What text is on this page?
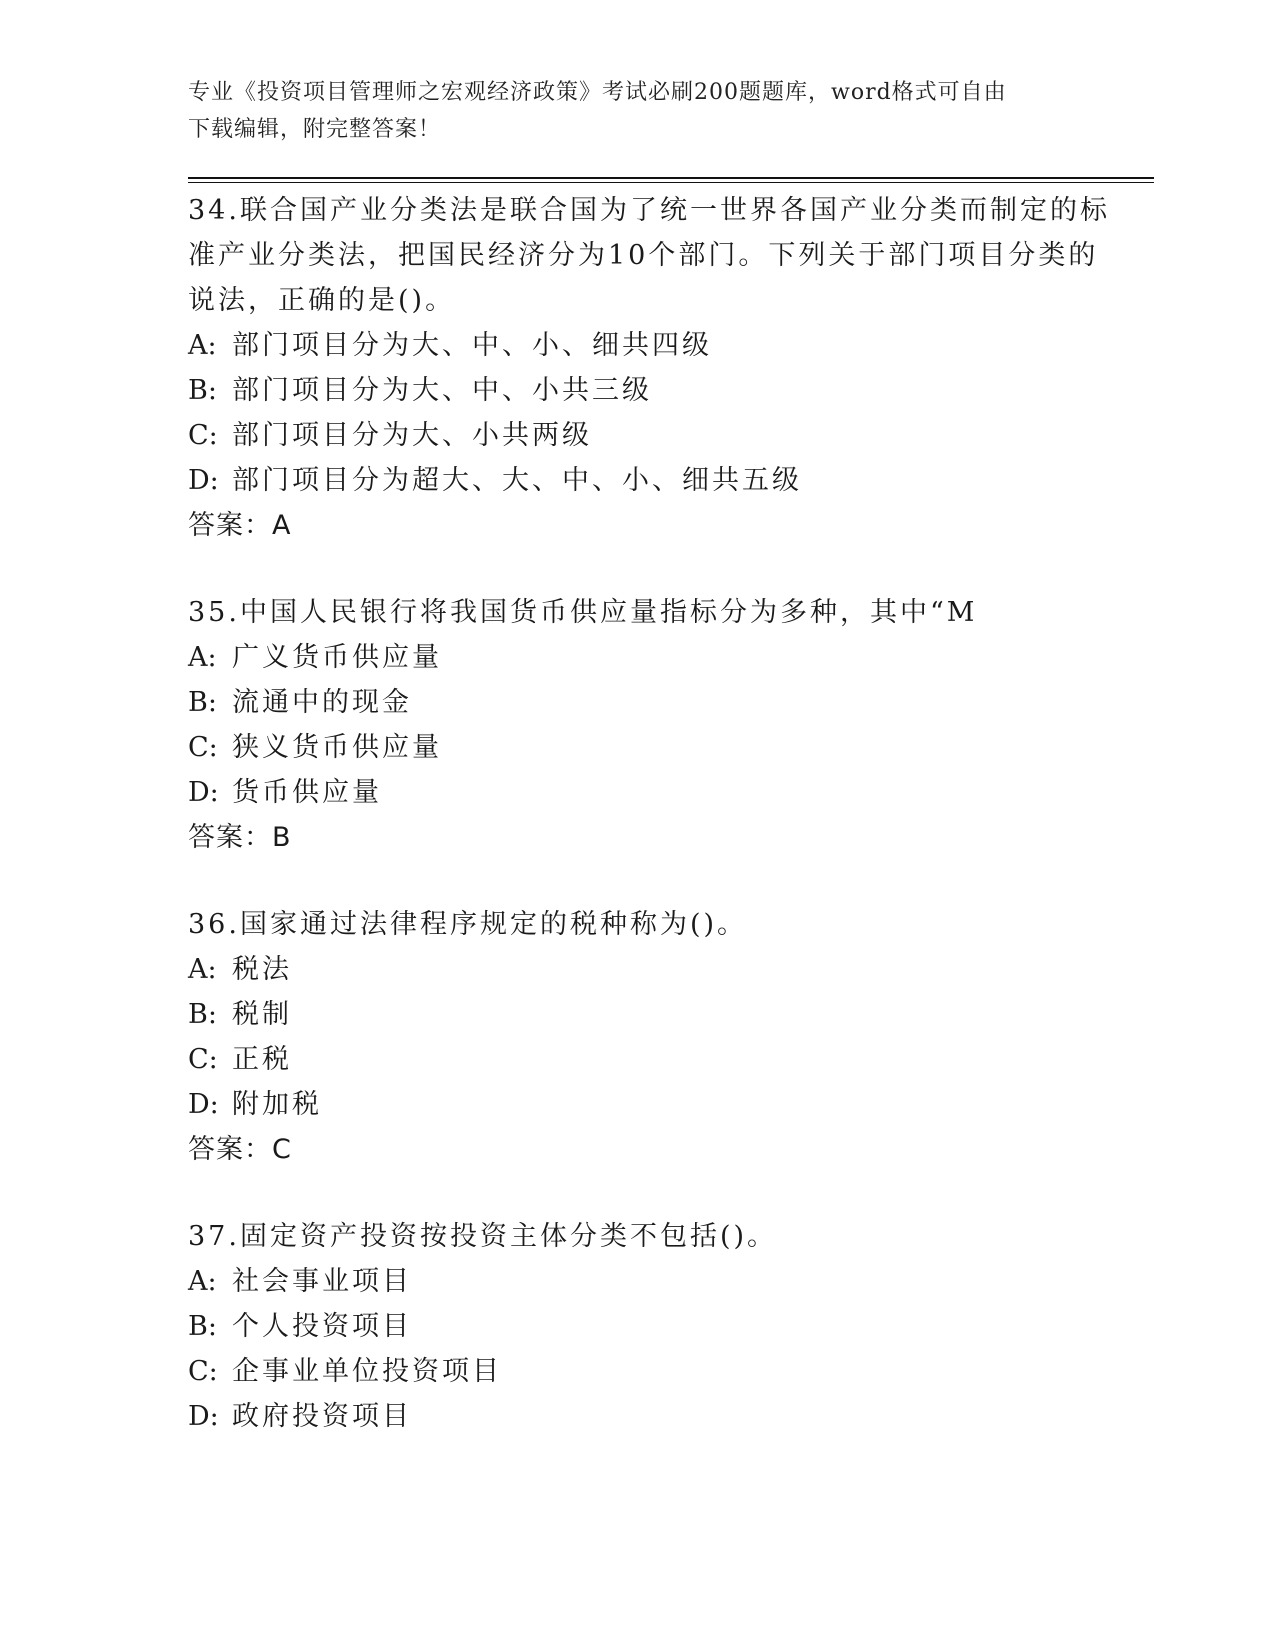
专业《投资项目管理师之宏观经济政策》考试必刷200题题库，word格式可自由
下载编辑，附完整答案！
34.联合国产业分类法是联合国为了统一世界各国产业分类而制定的标
准产业分类法，把国民经济分为10个部门。下列关于部门项目分类的
说法，正确的是()。
A: 部门项目分为大、中、小、细共四级
B: 部门项目分为大、中、小共三级
C: 部门项目分为大、小共两级
D: 部门项目分为超大、大、中、小、细共五级
答案：A
35.中国人民银行将我国货币供应量指标分为多种，其中“M
A: 广义货币供应量
B: 流通中的现金
C: 狭义货币供应量
D: 货币供应量
答案：B
36.国家通过法律程序规定的税种称为()。
A: 税法
B: 税制
C: 正税
D: 附加税
答案：C
37.固定资产投资按投资主体分类不包括()。
A: 社会事业项目
B: 个人投资项目
C: 企事业单位投资项目
D: 政府投资项目
